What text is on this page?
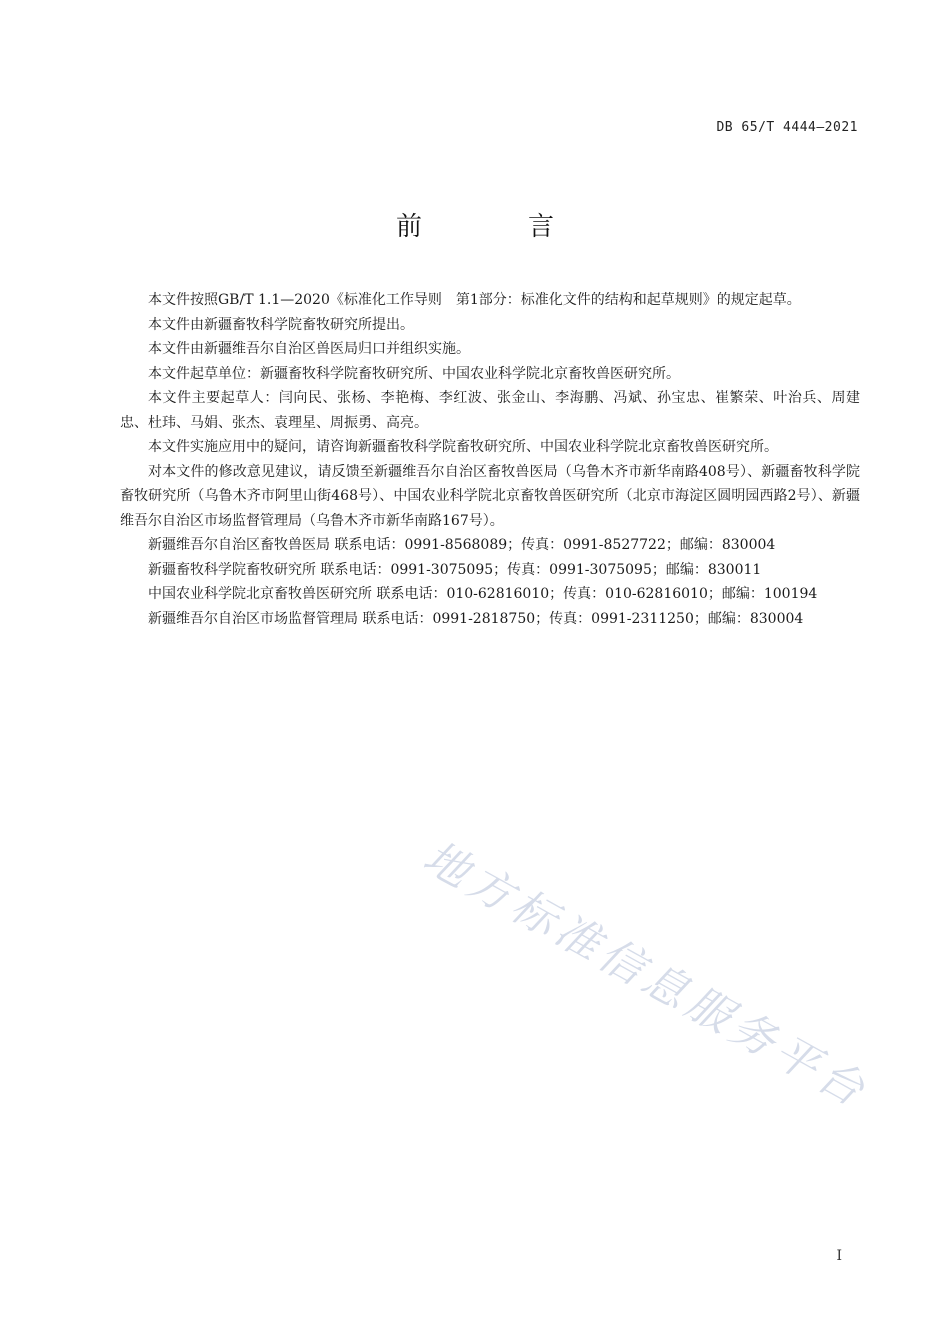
DB 65/T 4444—2021
前　言

本文件按照GB/T 1.1—2020《标准化工作导则　第1部分：标准化文件的结构和起草规则》的规定起草。

本文件由新疆畜牧科学院畜牧研究所提出。

本文件由新疆维吾尔自治区兽医局归口并组织实施。

本文件起草单位：新疆畜牧科学院畜牧研究所、中国农业科学院北京畜牧兽医研究所。

本文件主要起草人：闫向民、张杨、李艳梅、李红波、张金山、李海鹏、冯斌、孙宝忠、崔繁荣、叶治兵、周建忠、杜玮、马娟、张杰、袁理星、周振勇、高亮。

本文件实施应用中的疑问，请咨询新疆畜牧科学院畜牧研究所、中国农业科学院北京畜牧兽医研究所。

对本文件的修改意见建议，请反馈至新疆维吾尔自治区畜牧兽医局（乌鲁木齐市新华南路408号）、新疆畜牧科学院畜牧研究所（乌鲁木齐市阿里山街468号）、中国农业科学院北京畜牧兽医研究所（北京市海淀区圆明园西路2号）、新疆维吾尔自治区市场监督管理局（乌鲁木齐市新华南路167号）。

新疆维吾尔自治区畜牧兽医局 联系电话：0991-8568089；传真：0991-8527722；邮编：830004

新疆畜牧科学院畜牧研究所 联系电话：0991-3075095；传真：0991-3075095；邮编：830011

中国农业科学院北京畜牧兽医研究所 联系电话：010-62816010；传真：010-62816010；邮编：100194

新疆维吾尔自治区市场监督管理局 联系电话：0991-2818750；传真：0991-2311250；邮编：830004

地方标准信息服务平台
I
